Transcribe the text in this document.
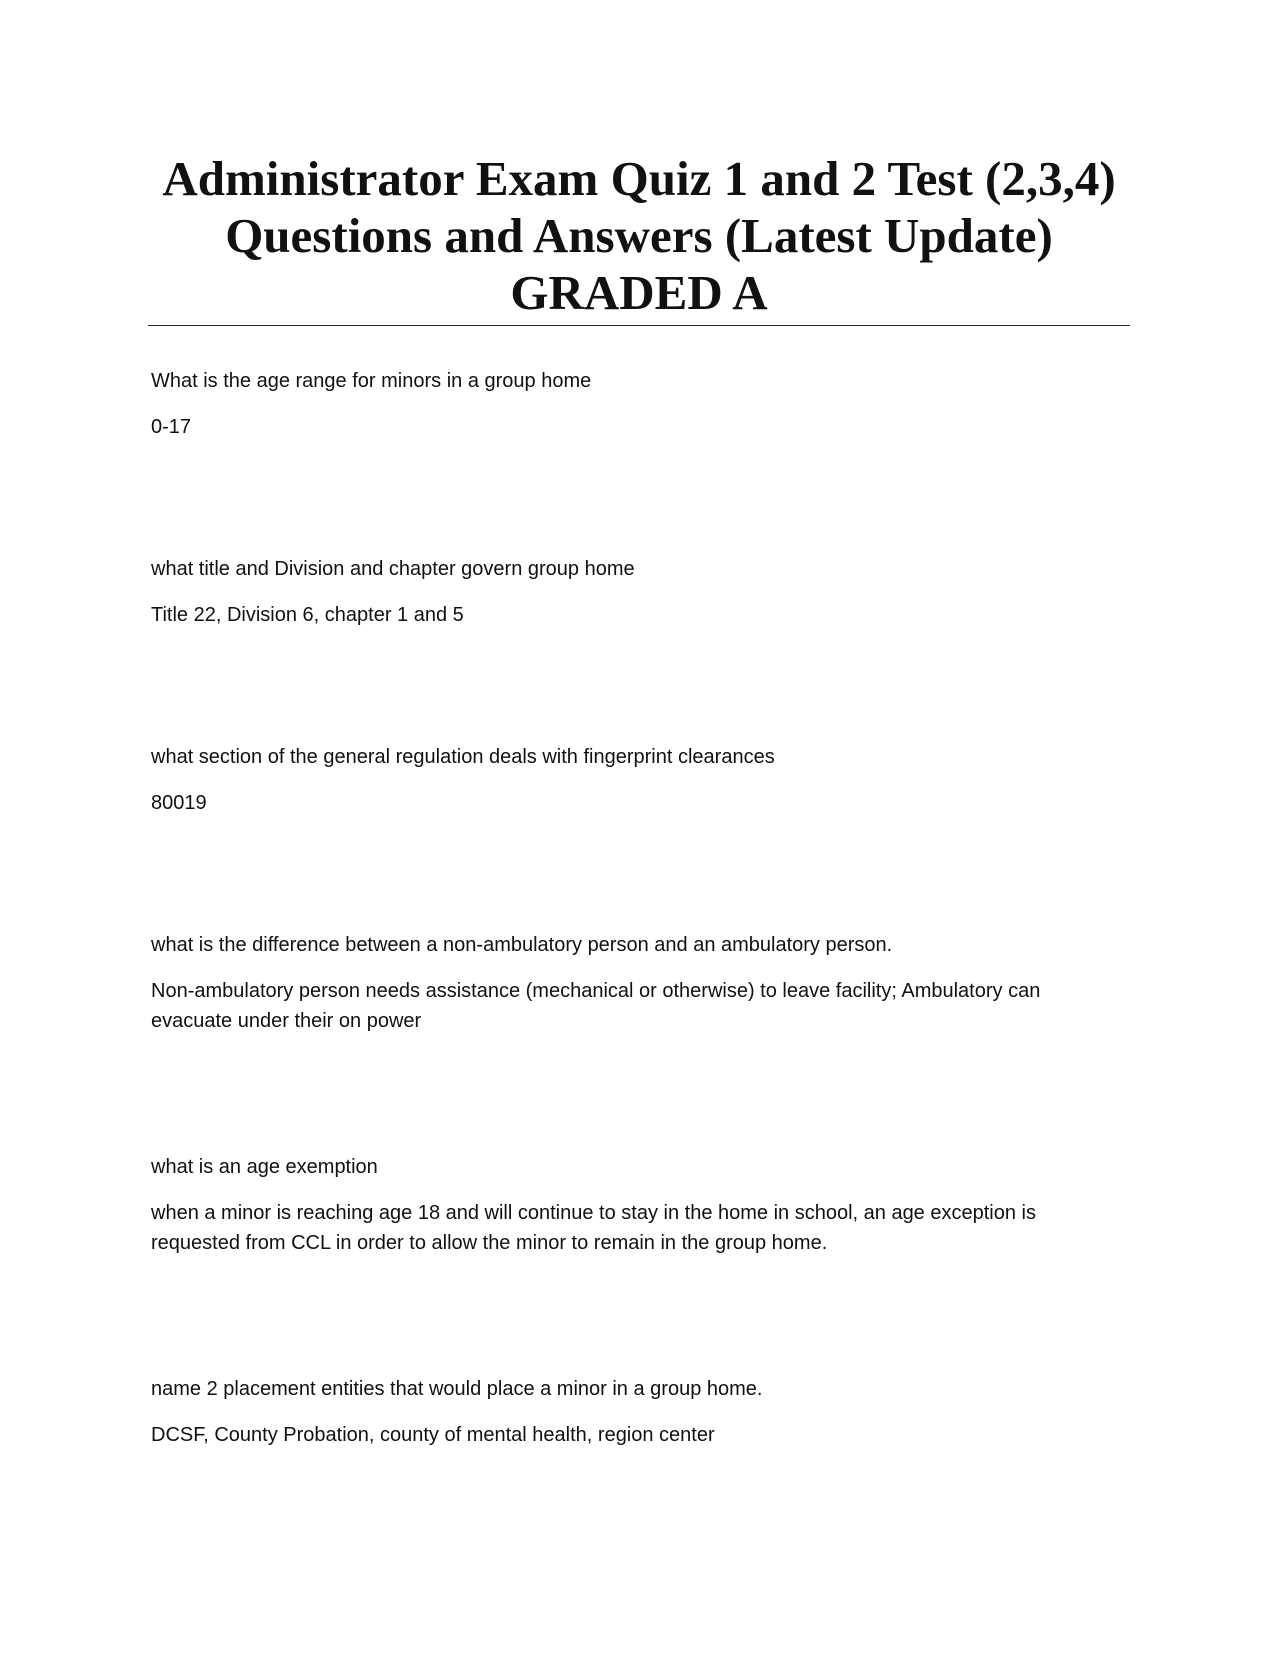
Administrator Exam Quiz 1 and 2 Test (2,3,4)
Questions and Answers (Latest Update)
GRADED A
What is the age range for minors in a group home
0-17
what title and Division and chapter govern group home
Title 22, Division 6, chapter 1 and 5
what section of the general regulation deals with fingerprint clearances
80019
what is the difference between a non-ambulatory person and an ambulatory person.
Non-ambulatory person needs assistance (mechanical or otherwise) to leave facility; Ambulatory can
evacuate under their on power
what is an age exemption
when a minor is reaching age 18 and will continue to stay in the home in school, an age exception is
requested from CCL in order to allow the minor to remain in the group home.
name 2 placement entities that would place a minor in a group home.
DCSF, County Probation, county of mental health, region center
